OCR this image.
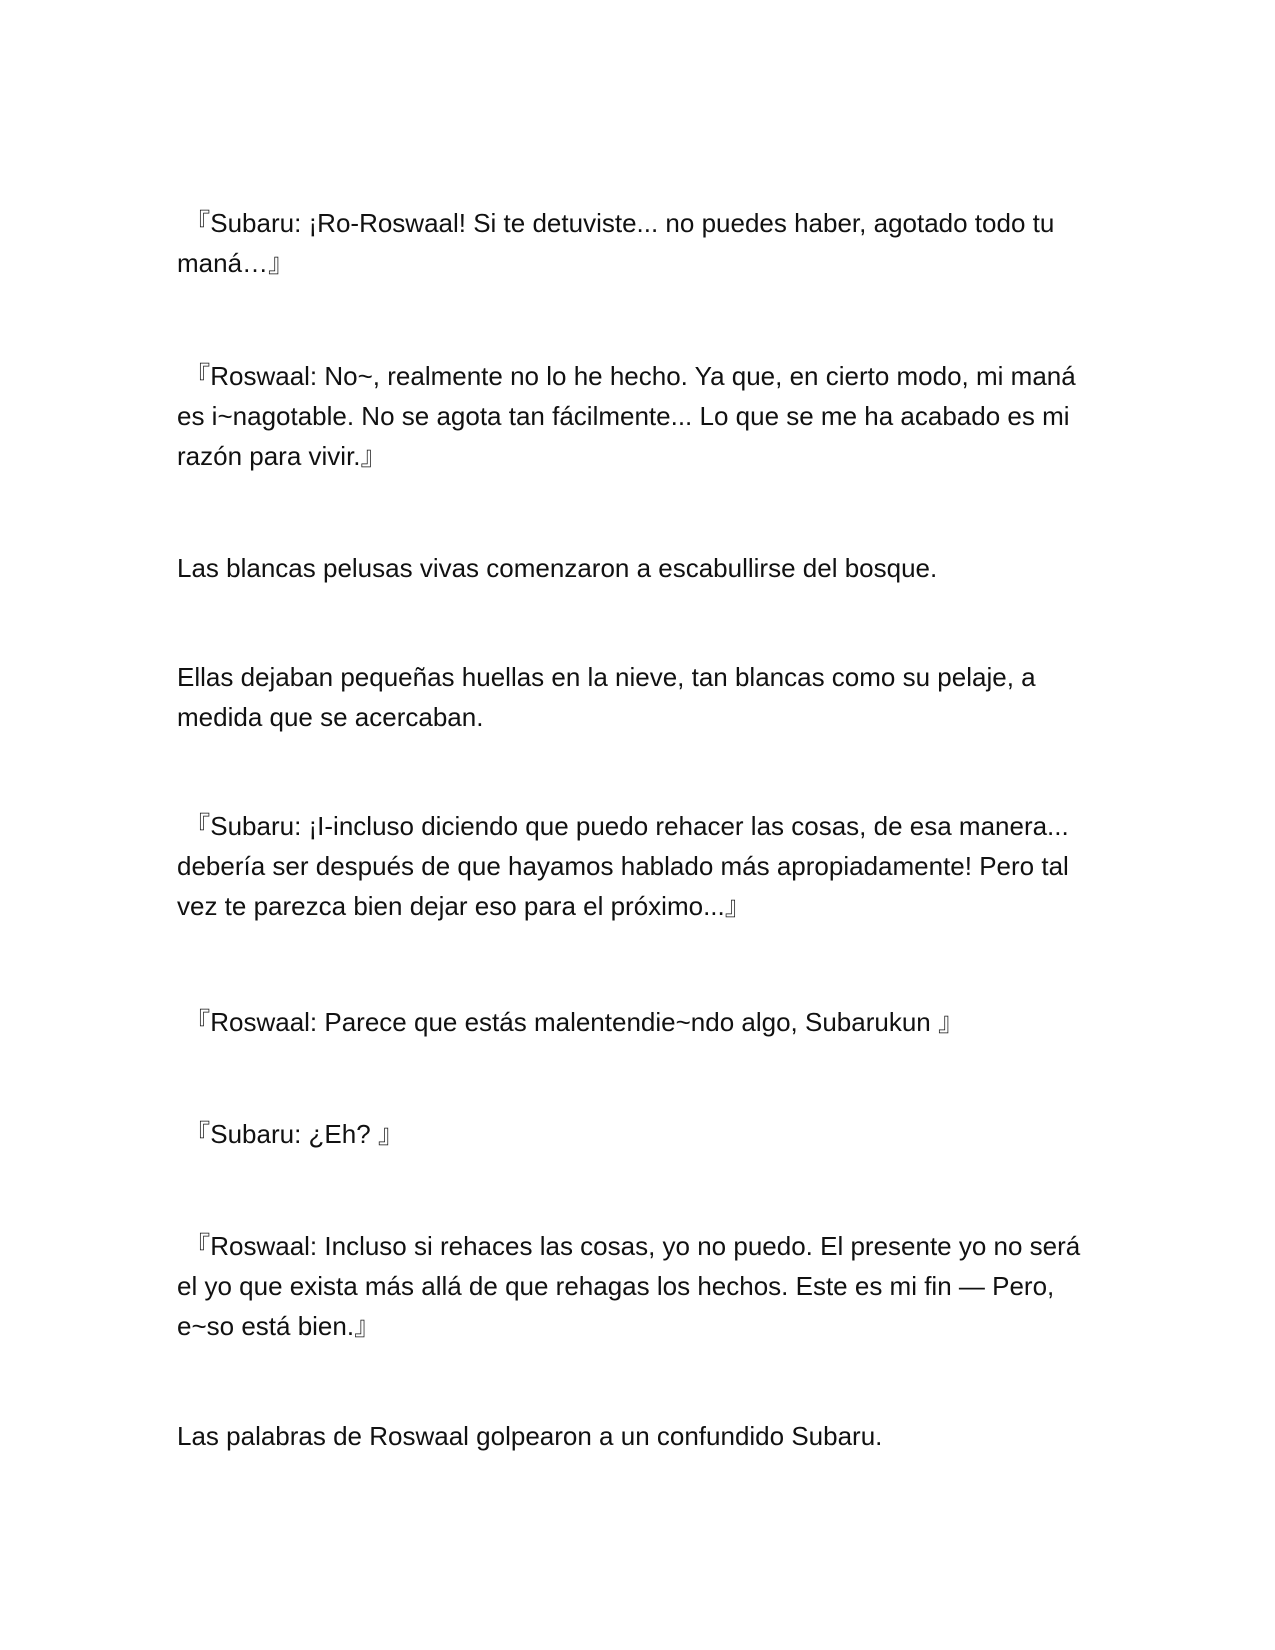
『Subaru: ¡Ro-Roswaal! Si te detuviste... no puedes haber, agotado todo tu maná…』

『Roswaal: No~, realmente no lo he hecho. Ya que, en cierto modo, mi maná es i~nagotable. No se agota tan fácilmente... Lo que se me ha acabado es mi razón para vivir.』

Las blancas pelusas vivas comenzaron a escabullirse del bosque.

Ellas dejaban pequeñas huellas en la nieve, tan blancas como su pelaje, a medida que se acercaban.

『Subaru: ¡I-incluso diciendo que puedo rehacer las cosas, de esa manera... debería ser después de que hayamos hablado más apropiadamente! Pero tal vez te parezca bien dejar eso para el próximo...』

『Roswaal: Parece que estás malentendie~ndo algo, Subarukun 』

『Subaru: ¿Eh? 』

『Roswaal: Incluso si rehaces las cosas, yo no puedo. El presente yo no será el yo que exista más allá de que rehagas los hechos. Este es mi fin — Pero, e~so está bien.』

Las palabras de Roswaal golpearon a un confundido Subaru.
